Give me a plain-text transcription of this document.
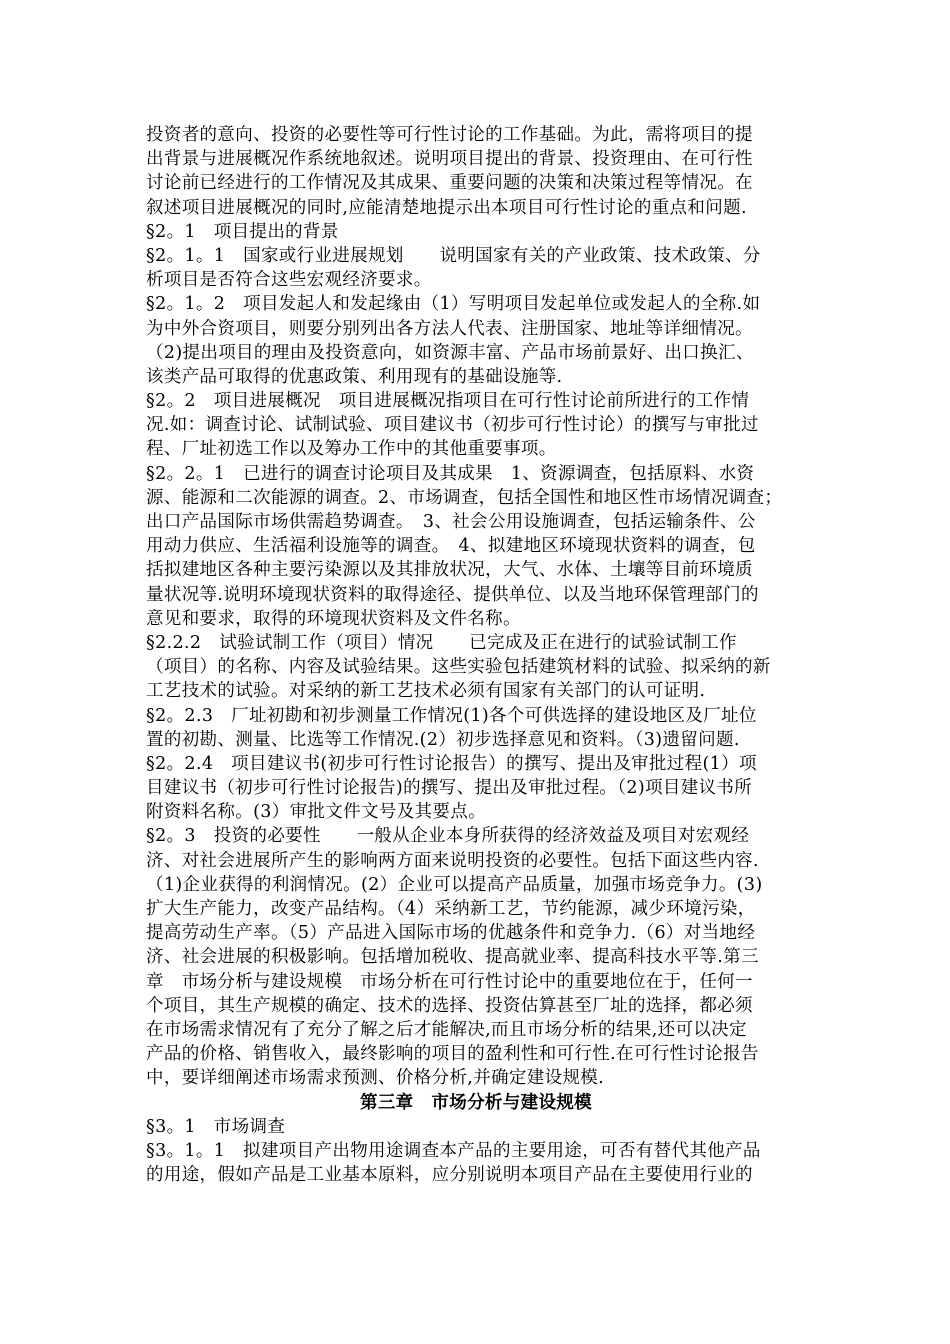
投资者的意向、投资的必要性等可行性讨论的工作基础。为此，需将项目的提
出背景与进展概况作系统地叙述。说明项目提出的背景、投资理由、在可行性
讨论前已经进行的工作情况及其成果、重要问题的决策和决策过程等情况。在
叙述项目进展概况的同时,应能清楚地提示出本项目可行性讨论的重点和问题.
§2。1　项目提出的背景
§2。1。1　国家或行业进展规划　　说明国家有关的产业政策、技术政策、分
析项目是否符合这些宏观经济要求。
§2。1。2　项目发起人和发起缘由（1）写明项目发起单位或发起人的全称.如
为中外合资项目，则要分别列出各方法人代表、注册国家、地址等详细情况。
（2)提出项目的理由及投资意向，如资源丰富、产品市场前景好、出口换汇、
该类产品可取得的优惠政策、利用现有的基础设施等.
§2。2　项目进展概况　项目进展概况指项目在可行性讨论前所进行的工作情
况.如：调查讨论、试制试验、项目建议书（初步可行性讨论）的撰写与审批过
程、厂址初选工作以及筹办工作中的其他重要事项。
§2。2。1　已进行的调查讨论项目及其成果　1、资源调查，包括原料、水资
源、能源和二次能源的调查。2、市场调查，包括全国性和地区性市场情况调查；
出口产品国际市场供需趋势调查。　3、社会公用设施调查，包括运输条件、公
用动力供应、生活福利设施等的调查。　4、拟建地区环境现状资料的调查，包
括拟建地区各种主要污染源以及其排放状况，大气、水体、土壤等目前环境质
量状况等.说明环境现状资料的取得途径、提供单位、以及当地环保管理部门的
意见和要求，取得的环境现状资料及文件名称。
§2.2.2　试验试制工作（项目）情况　　已完成及正在进行的试验试制工作
（项目）的名称、内容及试验结果。这些实验包括建筑材料的试验、拟采纳的新
工艺技术的试验。对采纳的新工艺技术必须有国家有关部门的认可证明.
§2。2.3　厂址初勘和初步测量工作情况(1)各个可供选择的建设地区及厂址位
置的初勘、测量、比选等工作情况.(2）初步选择意见和资料。（3)遗留问题.
§2。2.4　项目建议书(初步可行性讨论报告）的撰写、提出及审批过程(1）项
目建议书（初步可行性讨论报告)的撰写、提出及审批过程。（2)项目建议书所
附资料名称。(3）审批文件文号及其要点。
§2。3　投资的必要性　　一般从企业本身所获得的经济效益及项目对宏观经
济、对社会进展所产生的影响两方面来说明投资的必要性。包括下面这些内容.
（1)企业获得的利润情况。(2）企业可以提高产品质量，加强市场竞争力。(3)
扩大生产能力，改变产品结构。（4）采纳新工艺，节约能源，减少环境污染，
提高劳动生产率。（5）产品进入国际市场的优越条件和竞争力.（6）对当地经
济、社会进展的积极影响。包括增加税收、提高就业率、提高科技水平等.第三
章　市场分析与建设规模　市场分析在可行性讨论中的重要地位在于，任何一
个项目，其生产规模的确定、技术的选择、投资估算甚至厂址的选择，都必须
在市场需求情况有了充分了解之后才能解决,而且市场分析的结果,还可以决定
产品的价格、销售收入，最终影响的项目的盈利性和可行性.在可行性讨论报告
中，要详细阐述市场需求预测、价格分析,并确定建设规模.
第三章　市场分析与建设规模
§3。1　市场调查
§3。1。1　拟建项目产出物用途调查本产品的主要用途，可否有替代其他产品
的用途，假如产品是工业基本原料，应分别说明本项目产品在主要使用行业的
